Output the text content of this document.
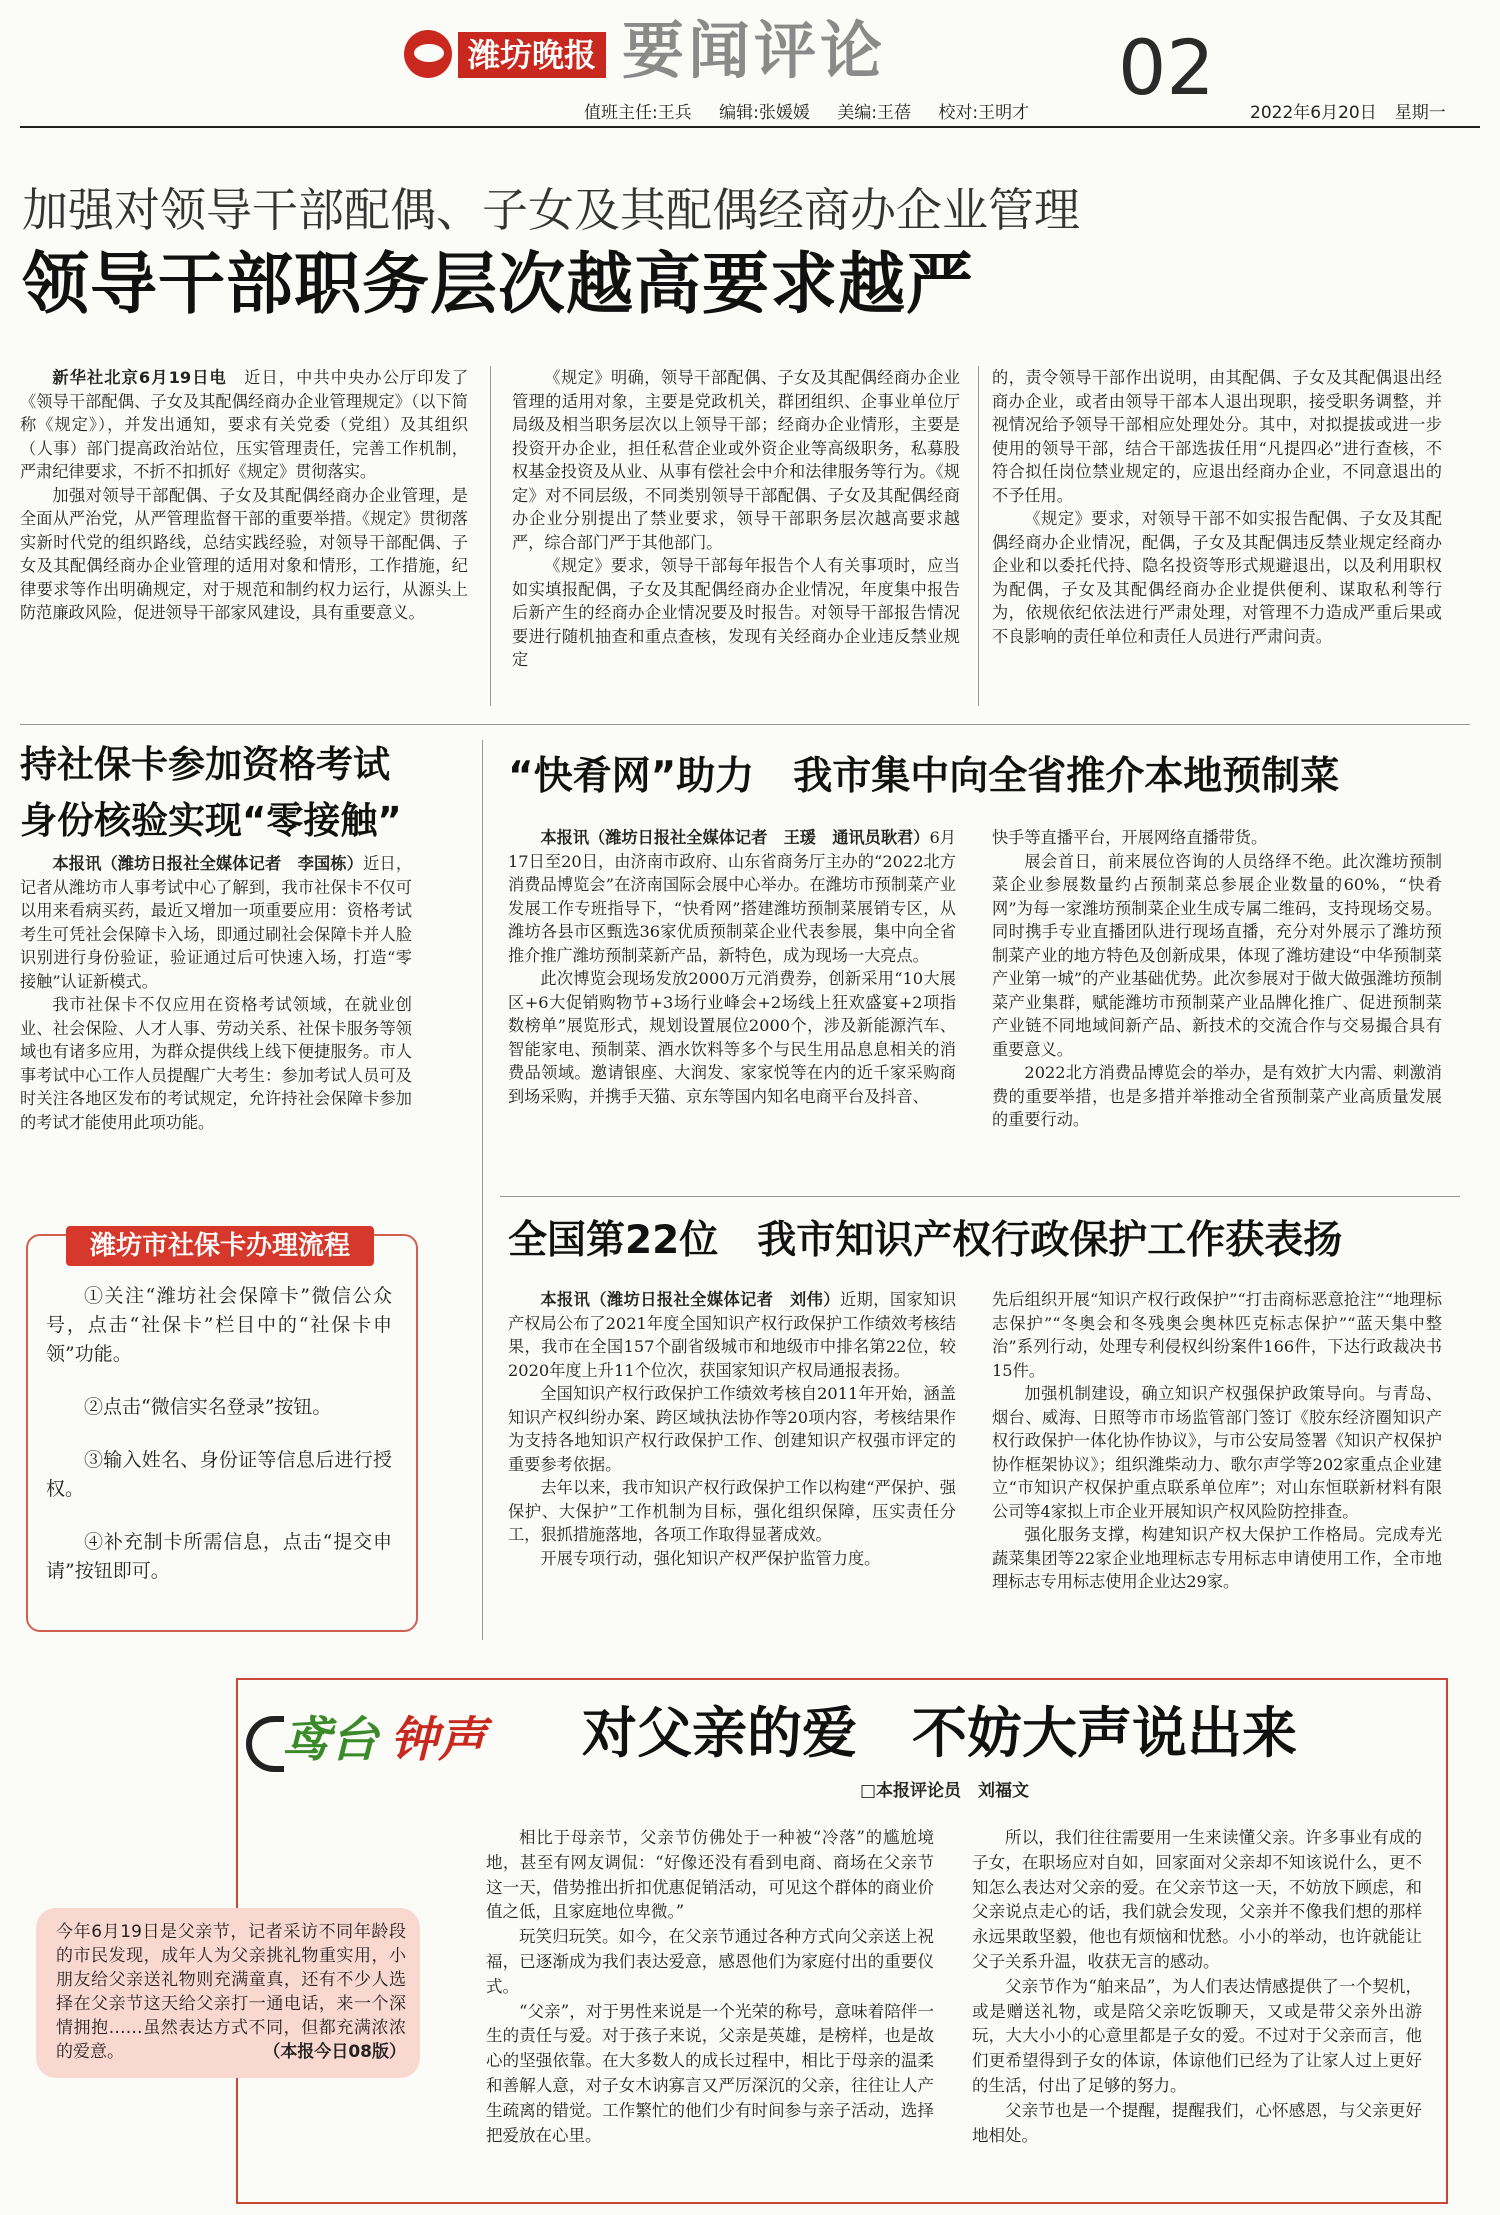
潍坊晚报 要闻评论	02
值班主任:王兵 编辑:张媛媛 美编:王蓓 校对:王明才	2022年6月20日 星期一
加强对领导干部配偶、子女及其配偶经商办企业管理
领导干部职务层次越高要求越严

新华社北京6月19日电　 近日，中共中央办公厅印发了《领导干部配偶、子女及其配偶经商办企业管理规定》（以下简称《规定》），并发出通知，要求有关党委（党组）及其组织（人事）部门提高政治站位，压实管理责任，完善工作机制，严肃纪律要求，不折不扣抓好《规定》贯彻落实。

加强对领导干部配偶、子女及其配偶经商办企业管理，是全面从严治党，从严管理监督干部的重要举措。《规定》贯彻落实新时代党的组织路线，总结实践经验，对领导干部配偶、子女及其配偶经商办企业管理的适用对象和情形，工作措施，纪律要求等作出明确规定，对于规范和制约权力运行，从源头上防范廉政风险，促进领导干部家风建设，具有重要意义。

《规定》明确，领导干部配偶、子女及其配偶经商办企业管理的适用对象，主要是党政机关，群团组织、企事业单位厅局级及相当职务层次以上领导干部；经商办企业情形，主要是投资开办企业，担任私营企业或外资企业等高级职务，私募股权基金投资及从业、从事有偿社会中介和法律服务等行为。《规定》对不同层级，不同类别领导干部配偶、子女及其配偶经商办企业分别提出了禁业要求，领导干部职务层次越高要求越严，综合部门严于其他部门。

《规定》要求，领导干部每年报告个人有关事项时，应当如实填报配偶，子女及其配偶经商办企业情况，年度集中报告后新产生的经商办企业情况要及时报告。对领导干部报告情况要进行随机抽查和重点查核，发现有关经商办企业违反禁业规定

的，责令领导干部作出说明，由其配偶、子女及其配偶退出经商办企业，或者由领导干部本人退出现职，接受职务调整，并视情况给予领导干部相应处理处分。其中，对拟提拔或进一步使用的领导干部，结合干部选拔任用“凡提四必”进行查核，不符合拟任岗位禁业规定的，应退出经商办企业，不同意退出的不予任用。

《规定》要求，对领导干部不如实报告配偶、子女及其配偶经商办企业情况，配偶，子女及其配偶违反禁业规定经商办企业和以委托代持、隐名投资等形式规避退出，以及利用职权为配偶，子女及其配偶经商办企业提供便利、谋取私利等行为，依规依纪依法进行严肃处理，对管理不力造成严重后果或不良影响的责任单位和责任人员进行严肃问责。

持社保卡参加资格考试
身份核验实现“零接触”

本报讯（潍坊日报社全媒体记者　李国栋）近日，记者从潍坊市人事考试中心了解到，我市社保卡不仅可以用来看病买药，最近又增加一项重要应用：资格考试考生可凭社会保障卡入场，即通过刷社会保障卡并人脸识别进行身份验证，验证通过后可快速入场，打造“零接触”认证新模式。

我市社保卡不仅应用在资格考试领域，在就业创业、社会保险、人才人事、劳动关系、社保卡服务等领域也有诸多应用，为群众提供线上线下便捷服务。市人事考试中心工作人员提醒广大考生：参加考试人员可及时关注各地区发布的考试规定，允许持社会保障卡参加的考试才能使用此项功能。

潍坊市社保卡办理流程

①关注“潍坊社会保障卡”微信公众号，点击“社保卡”栏目中的“社保卡申领”功能。

②点击“微信实名登录”按钮。

③输入姓名、身份证等信息后进行授权。

④补充制卡所需信息，点击“提交申请”按钮即可。

“快肴网”助力　我市集中向全省推介本地预制菜

本报讯（潍坊日报社全媒体记者　王瑗　通讯员耿君）6月17日至20日，由济南市政府、山东省商务厅主办的“2022北方消费品博览会”在济南国际会展中心举办。在潍坊市预制菜产业发展工作专班指导下，“快肴网”搭建潍坊预制菜展销专区，从潍坊各县市区甄选36家优质预制菜企业代表参展，集中向全省推介推广潍坊预制菜新产品，新特色，成为现场一大亮点。

此次博览会现场发放2000万元消费券，创新采用“10大展区+6大促销购物节+3场行业峰会+2场线上狂欢盛宴+2项指数榜单”展览形式，规划设置展位2000个，涉及新能源汽车、智能家电、预制菜、酒水饮料等多个与民生用品息息相关的消费品领域。邀请银座、大润发、家家悦等在内的近千家采购商到场采购，并携手天猫、京东等国内知名电商平台及抖音、

快手等直播平台，开展网络直播带货。

展会首日，前来展位咨询的人员络绎不绝。此次潍坊预制菜企业参展数量约占预制菜总参展企业数量的60%，“快肴网”为每一家潍坊预制菜企业生成专属二维码，支持现场交易。同时携手专业直播团队进行现场直播，充分对外展示了潍坊预制菜产业的地方特色及创新成果，体现了潍坊建设“中华预制菜产业第一城”的产业基础优势。此次参展对于做大做强潍坊预制菜产业集群，赋能潍坊市预制菜产业品牌化推广、促进预制菜产业链不同地域间新产品、新技术的交流合作与交易撮合具有重要意义。

2022北方消费品博览会的举办，是有效扩大内需、刺激消费的重要举措，也是多措并举推动全省预制菜产业高质量发展的重要行动。

全国第22位　我市知识产权行政保护工作获表扬

本报讯（潍坊日报社全媒体记者　刘伟）近期，国家知识产权局公布了2021年度全国知识产权行政保护工作绩效考核结果，我市在全国157个副省级城市和地级市中排名第22位，较2020年度上升11个位次，获国家知识产权局通报表扬。

全国知识产权行政保护工作绩效考核自2011年开始，涵盖知识产权纠纷办案、跨区域执法协作等20项内容，考核结果作为支持各地知识产权行政保护工作、创建知识产权强市评定的重要参考依据。

去年以来，我市知识产权行政保护工作以构建“严保护、强保护、大保护”工作机制为目标，强化组织保障，压实责任分工，狠抓措施落地，各项工作取得显著成效。

开展专项行动，强化知识产权严保护监管力度。

先后组织开展“知识产权行政保护”“打击商标恶意抢注”“地理标志保护”“冬奥会和冬残奥会奥林匹克标志保护”“蓝天集中整治”系列行动，处理专利侵权纠纷案件166件，下达行政裁决书15件。

加强机制建设，确立知识产权强保护政策导向。与青岛、烟台、威海、日照等市市场监管部门签订《胶东经济圈知识产权行政保护一体化协作协议》，与市公安局签署《知识产权保护协作框架协议》；组织潍柴动力、歌尔声学等202家重点企业建立“市知识产权保护重点联系单位库”；对山东恒联新材料有限公司等4家拟上市企业开展知识产权风险防控排查。

强化服务支撑，构建知识产权大保护工作格局。完成寿光蔬菜集团等22家企业地理标志专用标志申请使用工作，全市地理标志专用标志使用企业达29家。

鸢台 钟声 对父亲的爱　不妨大声说出来
□本报评论员　刘福文

相比于母亲节，父亲节仿佛处于一种被“冷落”的尴尬境地，甚至有网友调侃：“好像还没有看到电商、商场在父亲节这一天，借势推出折扣优惠促销活动，可见这个群体的商业价值之低，且家庭地位卑微。”

玩笑归玩笑。如今，在父亲节通过各种方式向父亲送上祝福，已逐渐成为我们表达爱意，感恩他们为家庭付出的重要仪式。

“父亲”，对于男性来说是一个光荣的称号，意味着陪伴一生的责任与爱。对于孩子来说，父亲是英雄，是榜样，也是故心的坚强依靠。在大多数人的成长过程中，相比于母亲的温柔和善解人意，对子女木讷寡言又严厉深沉的父亲，往往让人产生疏离的错觉。工作繁忙的他们少有时间参与亲子活动，选择把爱放在心里。

所以，我们往往需要用一生来读懂父亲。许多事业有成的子女，在职场应对自如，回家面对父亲却不知该说什么，更不知怎么表达对父亲的爱。在父亲节这一天，不妨放下顾虑，和父亲说点走心的话，我们就会发现，父亲并不像我们想的那样永远果敢坚毅，他也有烦恼和忧愁。小小的举动，也许就能让父子关系升温，收获无言的感动。

父亲节作为“舶来品”，为人们表达情感提供了一个契机，或是赠送礼物，或是陪父亲吃饭聊天，又或是带父亲外出游玩，大大小小的心意里都是子女的爱。不过对于父亲而言，他们更希望得到子女的体谅，体谅他们已经为了让家人过上更好的生活，付出了足够的努力。

父亲节也是一个提醒，提醒我们，心怀感恩，与父亲更好地相处。

今年6月19日是父亲节，记者采访不同年龄段的市民发现，成年人为父亲挑礼物重实用，小朋友给父亲送礼物则充满童真，还有不少人选择在父亲节这天给父亲打一通电话，来一个深情拥抱……虽然表达方式不同，但都充满浓浓的爱意。	（本报今日08版）
